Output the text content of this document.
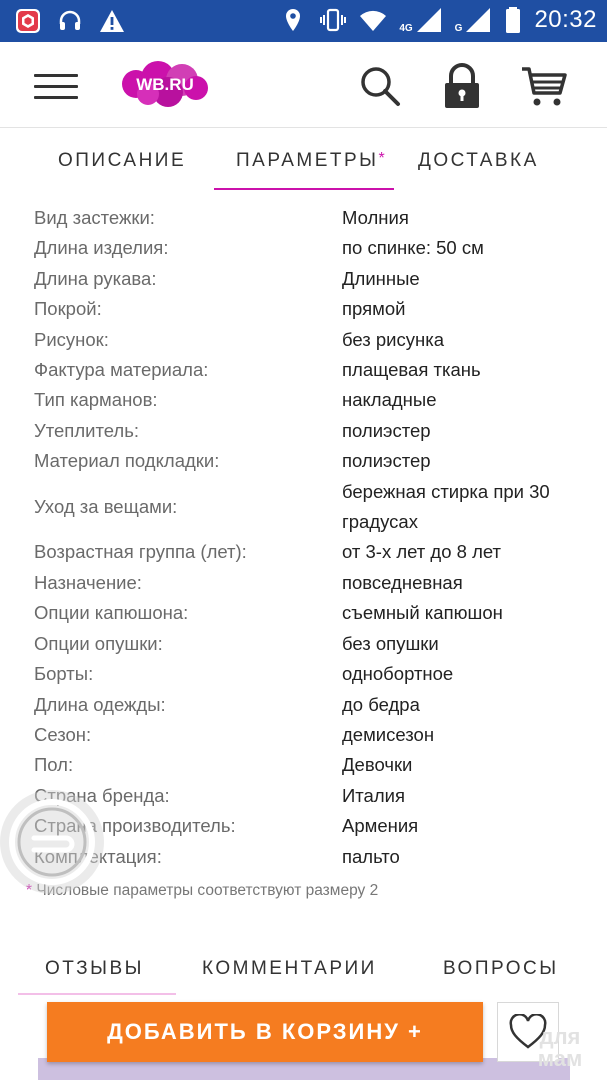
4G	G	20:32
WB.RU
ОПИСАНИЕ	ПАРАМЕТРЫ* ДОСТАВКА
Вид застежки:	Молния
Длина изделия:	по спинке: 50 см
Длина рукава:	Длинные
Покрой:	прямой
Рисунок:	без рисунка
Фактура материала:	плащевая ткань
Тип карманов:	накладные
Утеплитель:	полиэстер
Материал подкладки:	полиэстер
Уход за вещами:
бережная стирка при 30 градусах
Возрастная группа (лет):	от 3-х лет до 8 лет
Назначение:	повседневная
Опции капюшона:	съемный капюшон
Опции опушки:	без опушки
Борты:	однобортное
Длина одежды:	до бедра
Сезон:	демисезон
Пол:	Девочки
Страна бренда:	Италия
Страна производитель:	Армения
Комплектация:	пальто
* Числовые параметры соответствуют размеру 2
ОТЗЫВЫ	КОММЕНТАРИИ	ВОПРОСЫ
ДОБАВИТЬ В КОРЗИНУ +	для мам
